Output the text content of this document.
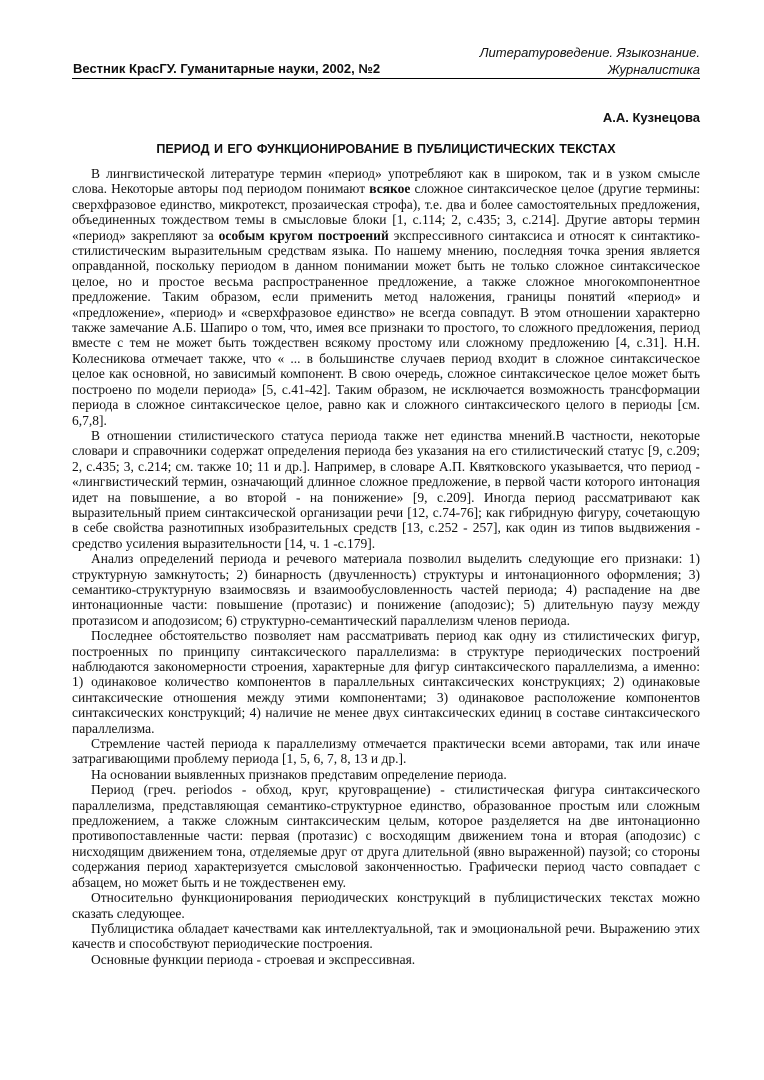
Литературоведение. Языкознание.
Журналистика
Вестник КрасГУ. Гуманитарные науки, 2002, №2
А.А. Кузнецова
ПЕРИОД И ЕГО ФУНКЦИОНИРОВАНИЕ В ПУБЛИЦИСТИЧЕСКИХ ТЕКСТАХ

В лингвистической литературе термин «период» употребляют как в широком, так и в узком смысле слова. Некоторые авторы под периодом понимают всякое сложное синтаксическое целое (другие термины: сверхфразовое единство, микротекст, прозаическая строфа), т.е. два и более самостоятельных предложения, объединенных тождеством темы в смысловые блоки [1, с.114; 2, с.435; 3, с.214]. Другие авторы термин «период» закрепляют за особым кругом построений экспрессивного синтаксиса и относят к синтактико-стилистическим выразительным средствам языка. По нашему мнению, последняя точка зрения является оправданной, поскольку периодом в данном понимании может быть не только сложное синтаксическое целое, но и простое весьма распространенное предложение, а также сложное многокомпонентное предложение. Таким образом, если применить метод наложения, границы понятий «период» и «предложение», «период» и «сверхфразовое единство» не всегда совпадут. В этом отношении характерно также замечание А.Б. Шапиро о том, что, имея все признаки то простого, то сложного предложения, период вместе с тем не может быть тождествен всякому простому или сложному предложению [4, с.31]. Н.Н. Колесникова отмечает также, что « ... в большинстве случаев период входит в сложное синтаксическое целое как основной, но зависимый компонент. В свою очередь, сложное синтаксическое целое может быть построено по модели периода» [5, с.41-42]. Таким образом, не исключается возможность трансформации периода в сложное синтаксическое целое, равно как и сложного синтаксического целого в периоды [см. 6,7,8].

В отношении стилистического статуса периода также нет единства мнений.В частности, некоторые словари и справочники содержат определения периода без указания на его стилистический статус [9, с.209; 2, с.435; 3, с.214; см. также 10; 11 и др.]. Например, в словаре А.П. Квятковского указывается, что период - «лингвистический термин, означающий длинное сложное предложение, в первой части которого интонация идет на повышение, а во второй - на понижение» [9, с.209]. Иногда период рассматривают как выразительный прием синтаксической организации речи [12, с.74-76]; как гибридную фигуру, сочетающую в себе свойства разнотипных изобразительных средств [13, с.252 - 257], как один из типов выдвижения - средство усиления выразительности [14, ч. 1 -с.179].

Анализ определений периода и речевого материала позволил выделить следующие его признаки: 1) структурную замкнутость; 2) бинарность (двучленность) структуры и интонационного оформления; 3) семантико-структурную взаимосвязь и взаимообусловленность частей периода; 4) распадение на две интонационные части: повышение (протазис) и понижение (аподозис); 5) длительную паузу между протазисом и аподозисом; 6) структурно-семантический параллелизм членов периода.

Последнее обстоятельство позволяет нам рассматривать период как одну из стилистических фигур, построенных по принципу синтаксического параллелизма: в структуре периодических построений наблюдаются закономерности строения, характерные для фигур синтаксического параллелизма, а именно: 1) одинаковое количество компонентов в параллельных синтаксических конструкциях; 2) одинаковые синтаксические отношения между этими компонентами; 3) одинаковое расположение компонентов синтаксических конструкций; 4) наличие не менее двух синтаксических единиц в составе синтаксического параллелизма.

Стремление частей периода к параллелизму отмечается практически всеми авторами, так или иначе затрагивающими проблему периода [1, 5, 6, 7, 8, 13 и др.].

На основании выявленных признаков представим определение периода.

Период (греч. periodos - обход, круг, круговращение) - стилистическая фигура синтаксического параллелизма, представляющая семантико-структурное единство, образованное простым или сложным предложением, а также сложным синтаксическим целым, которое разделяется на две интонационно противопоставленные части: первая (протазис) с восходящим движением тона и вторая (аподозис) с нисходящим движением тона, отделяемые друг от друга длительной (явно выраженной) паузой; со стороны содержания период характеризуется смысловой законченностью. Графически период часто совпадает с абзацем, но может быть и не тождественен ему.

Относительно функционирования периодических конструкций в публицистических текстах можно сказать следующее.

Публицистика обладает качествами как интеллектуальной, так и эмоциональной речи. Выражению этих качеств и способствуют периодические построения.

Основные функции периода - строевая и экспрессивная.
